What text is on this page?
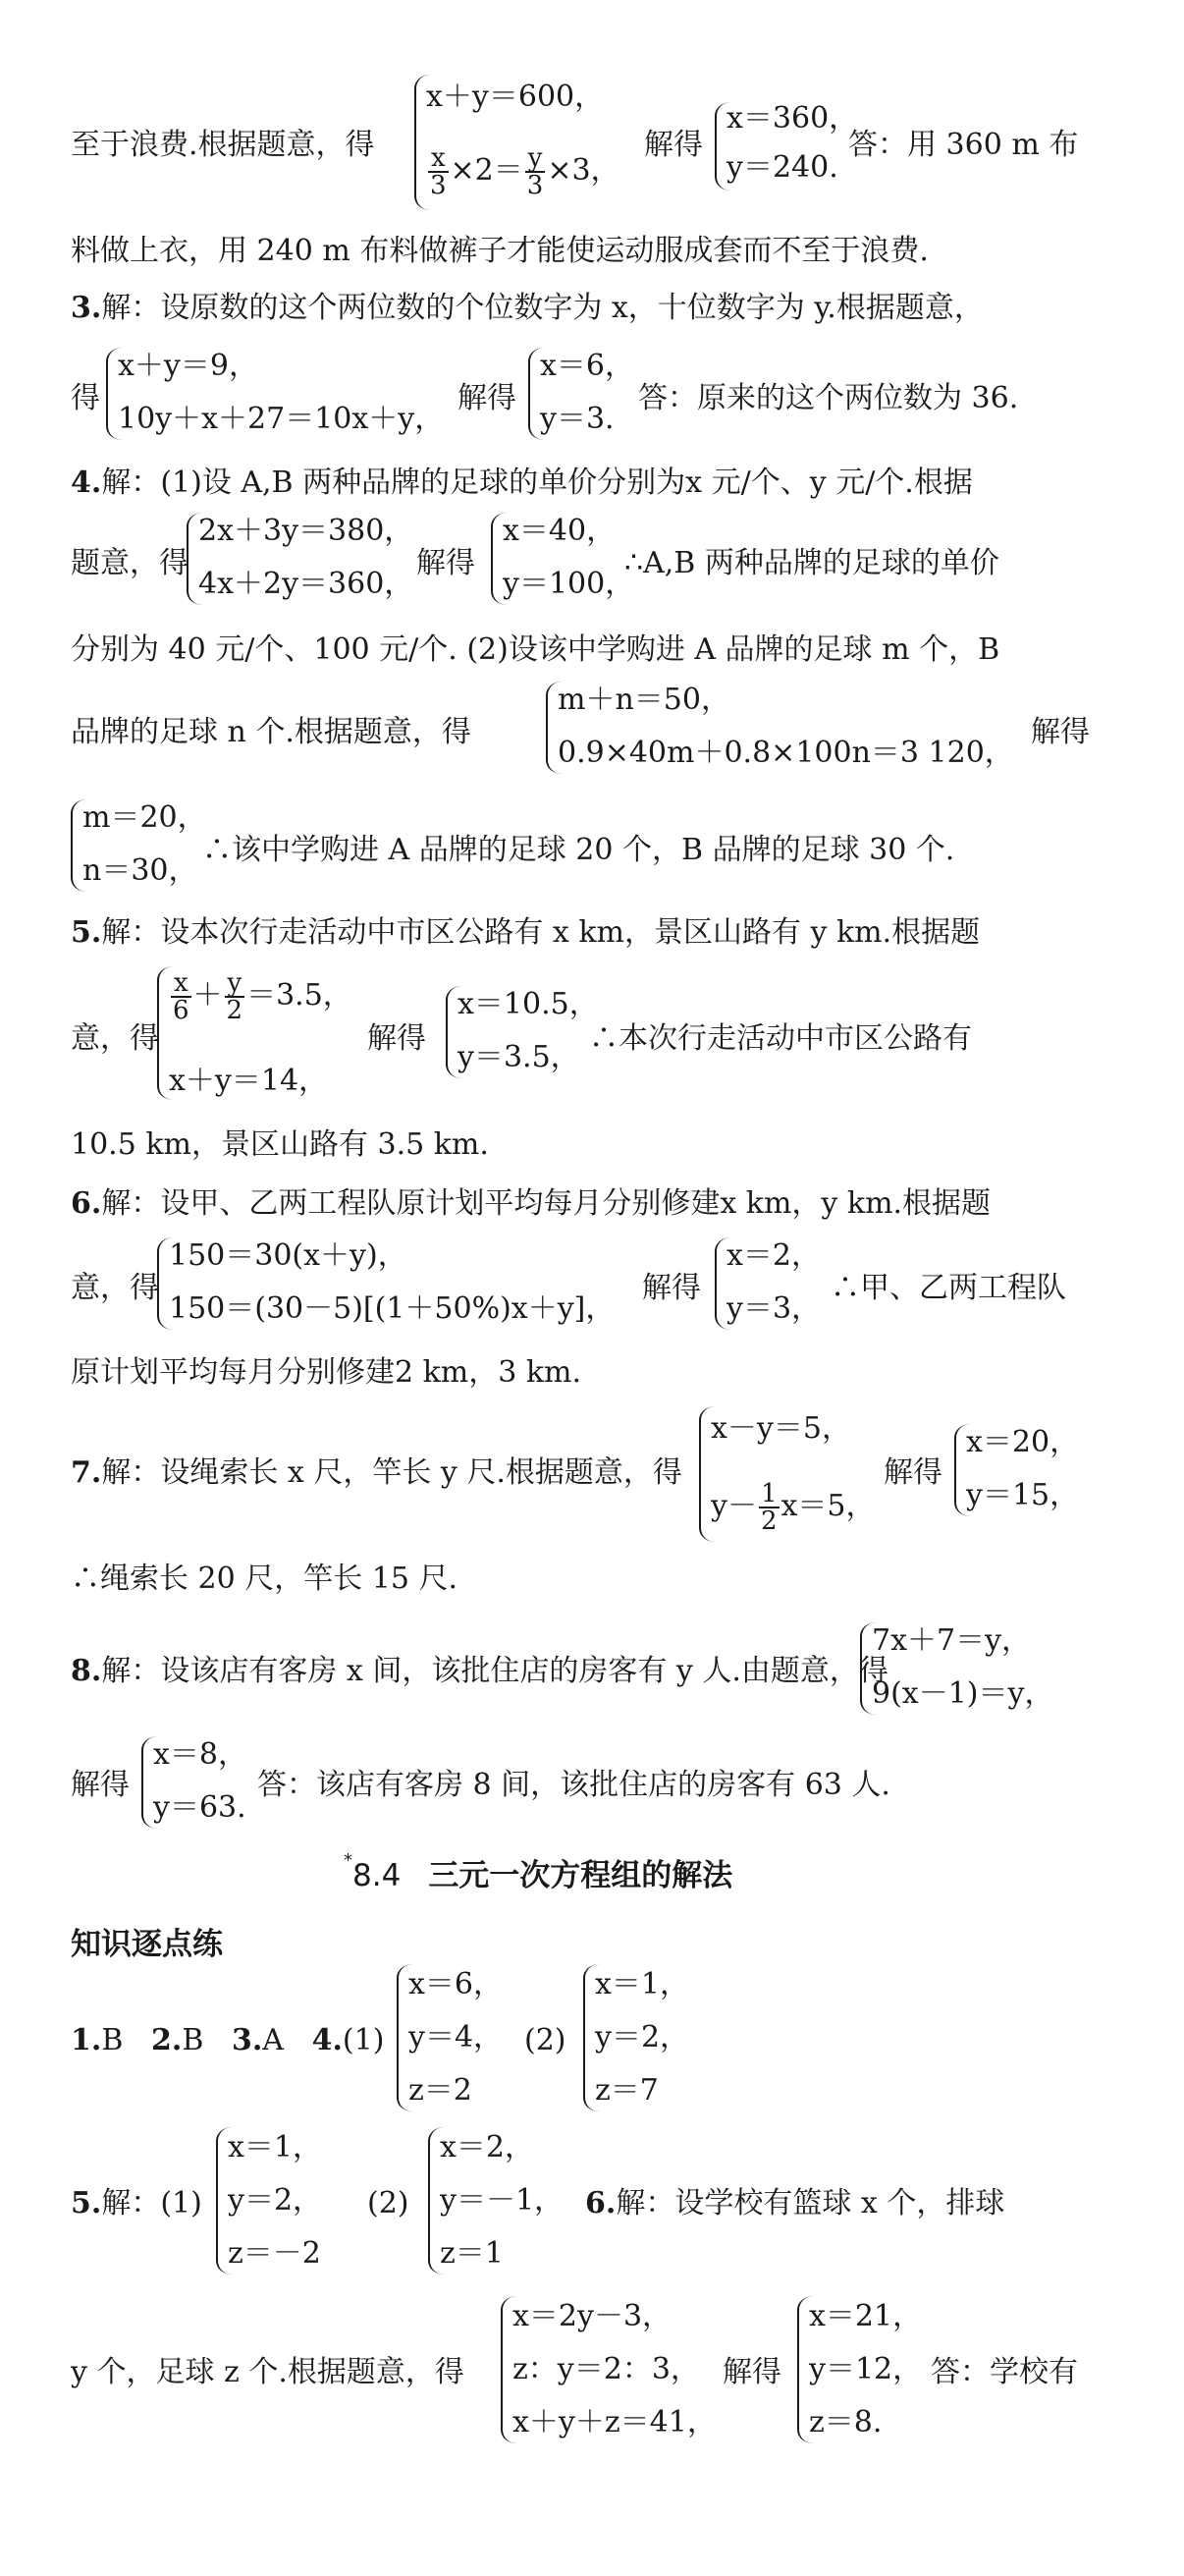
至于浪费.根据题意，得
x＋y＝600，
$\frac{x}{3} \times 2= \frac{y}{3} \times 3$，
解得
x＝360，
y＝240.
答：用 360 m 布
料做上衣，用 240 m 布料做裤子才能使运动服成套而不至于浪费.
3.解：设原数的这个两位数的个位数字为 x，十位数字为 y.根据题意，
得
x＋y＝9，
10y＋x＋27＝10x＋y，
解得
x＝6，
y＝3.
答：原来的这个两位数为 36.
4.解：(1)设 A,B 两种品牌的足球的单价分别为x 元/个、y 元/个.根据
题意，得
2x＋3y＝380，
4x＋2y＝360，
解得
x＝40，
y＝100，
∴A,B 两种品牌的足球的单价
分别为 40 元/个、100 元/个. (2)设该中学购进 A 品牌的足球 m 个，B
品牌的足球 n 个.根据题意，得
m＋n＝50，
0.9×40m＋0.8×100n＝3 120，
解得
m＝20，
n＝30，
∴该中学购进 A 品牌的足球 20 个，B 品牌的足球 30 个.
5.解：设本次行走活动中市区公路有 x km，景区山路有 y km.根据题
意，得
$\frac{x}{6} + \frac{y}{2} =3.5$，
x＋y＝14，
解得
x＝10.5，
y＝3.5，
∴本次行走活动中市区公路有
10.5 km，景区山路有 3.5 km.
6.解：设甲、乙两工程队原计划平均每月分别修建x km，y km.根据题
意，得
150＝30(x＋y)，
150＝(30－5)[(1＋50%)x＋y]，
解得
x＝2，
y＝3，
∴甲、乙两工程队
原计划平均每月分别修建2 km，3 km.
7.解：设绳索长 x 尺，竿长 y 尺.根据题意，得
x－y＝5，
$y- \frac{1}{2} x=5$，
解得
x＝20，
y＝15，
∴绳索长 20 尺，竿长 15 尺.
8.解：设该店有客房 x 间，该批住店的房客有 y 人.由题意，得
7x＋7＝y，
9(x－1)＝y，
解得
x＝8，
y＝63.
答：该店有客房 8 间，该批住店的房客有 63 人.
*8.4 三元一次方程组的解法
知识逐点练
1.B 2.B 3.A 4.(1)
x＝6，
y＝4，
z＝2
(2)
x＝1，
y＝2，
z＝7
5.解：(1)
x＝1，
y＝2，
z＝－2
(2)
x＝2，
y＝－1，
z＝1
6.解：设学校有篮球 x 个，排球
y 个，足球 z 个.根据题意，得
x＝2y－3，
z：y＝2：3，
x＋y＋z＝41，
解得
x＝21，
y＝12，
z＝8.
答：学校有
